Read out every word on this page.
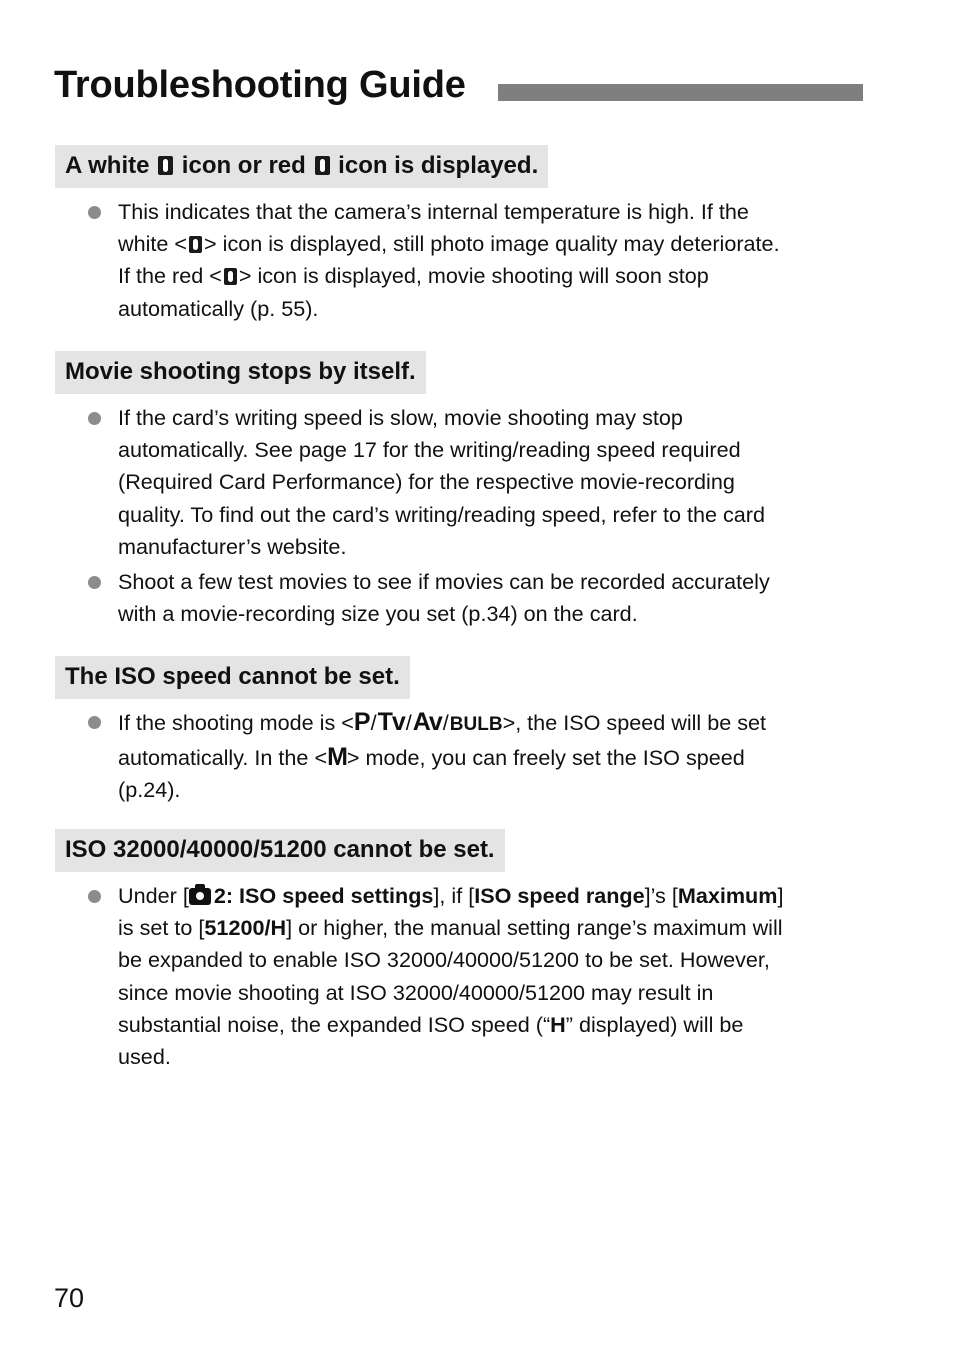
Troubleshooting Guide
A white icon or red icon is displayed.
This indicates that the camera’s internal temperature is high. If the
white < > icon is displayed, still photo image quality may deteriorate.
If the red < > icon is displayed, movie shooting will soon stop
automatically (p. 55).
Movie shooting stops by itself.
If the card’s writing speed is slow, movie shooting may stop
automatically. See page 17 for the writing/reading speed required
(Required Card Performance) for the respective movie-recording
quality. To find out the card’s writing/reading speed, refer to the card
manufacturer’s website.
Shoot a few test movies to see if movies can be recorded accurately
with a movie-recording size you set (p.34) on the card.
The ISO speed cannot be set.
If the shooting mode is <P/Tv/Av/BULB>, the ISO speed will be set
automatically. In the <M> mode, you can freely set the ISO speed
(p.24).
ISO 32000/40000/51200 cannot be set.
Under [ 2: ISO speed settings], if [ISO speed range]’s [Maximum]
is set to [51200/H] or higher, the manual setting range’s maximum will
be expanded to enable ISO 32000/40000/51200 to be set. However,
since movie shooting at ISO 32000/40000/51200 may result in
substantial noise, the expanded ISO speed (“H” displayed) will be
used.
70
